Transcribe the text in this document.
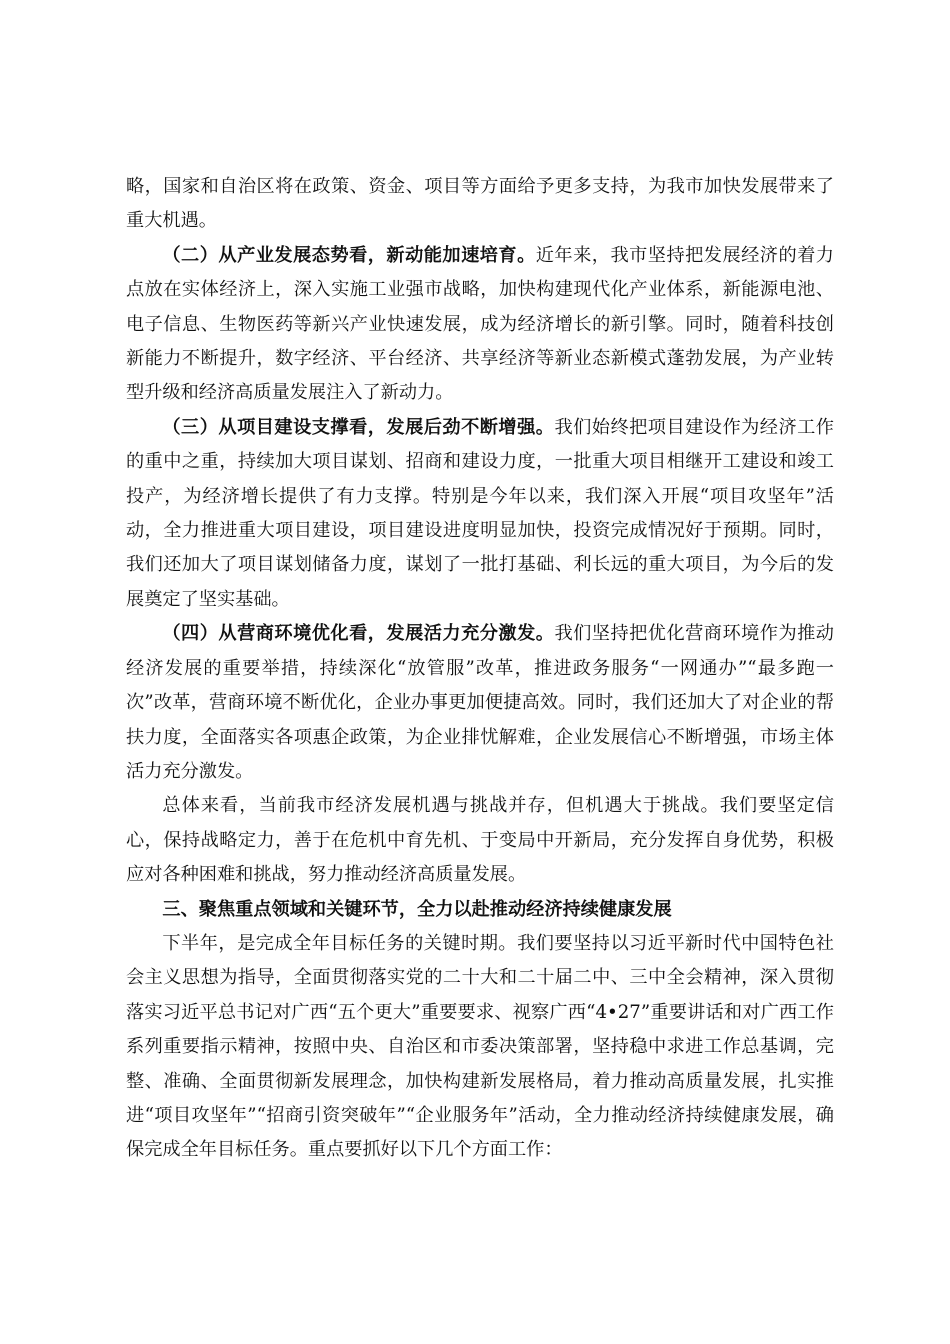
略，国家和自治区将在政策、资金、项目等方面给予更多支持，为我市加快发展带来了重大机遇。

（二）从产业发展态势看，新动能加速培育。近年来，我市坚持把发展经济的着力点放在实体经济上，深入实施工业强市战略，加快构建现代化产业体系，新能源电池、电子信息、生物医药等新兴产业快速发展，成为经济增长的新引擎。同时，随着科技创新能力不断提升，数字经济、平台经济、共享经济等新业态新模式蓬勃发展，为产业转型升级和经济高质量发展注入了新动力。

（三）从项目建设支撑看，发展后劲不断增强。我们始终把项目建设作为经济工作的重中之重，持续加大项目谋划、招商和建设力度，一批重大项目相继开工建设和竣工投产，为经济增长提供了有力支撑。特别是今年以来，我们深入开展“项目攻坚年”活动，全力推进重大项目建设，项目建设进度明显加快，投资完成情况好于预期。同时，我们还加大了项目谋划储备力度，谋划了一批打基础、利长远的重大项目，为今后的发展奠定了坚实基础。

（四）从营商环境优化看，发展活力充分激发。我们坚持把优化营商环境作为推动经济发展的重要举措，持续深化“放管服”改革，推进政务服务“一网通办”“最多跑一次”改革，营商环境不断优化，企业办事更加便捷高效。同时，我们还加大了对企业的帮扶力度，全面落实各项惠企政策，为企业排忧解难，企业发展信心不断增强，市场主体活力充分激发。

总体来看，当前我市经济发展机遇与挑战并存，但机遇大于挑战。我们要坚定信心，保持战略定力，善于在危机中育先机、于变局中开新局，充分发挥自身优势，积极应对各种困难和挑战，努力推动经济高质量发展。

三、聚焦重点领域和关键环节，全力以赴推动经济持续健康发展

下半年，是完成全年目标任务的关键时期。我们要坚持以习近平新时代中国特色社会主义思想为指导，全面贯彻落实党的二十大和二十届二中、三中全会精神，深入贯彻落实习近平总书记对广西“五个更大”重要要求、视察广西“4•27”重要讲话和对广西工作系列重要指示精神，按照中央、自治区和市委决策部署，坚持稳中求进工作总基调，完整、准确、全面贯彻新发展理念，加快构建新发展格局，着力推动高质量发展，扎实推进“项目攻坚年”“招商引资突破年”“企业服务年”活动，全力推动经济持续健康发展，确保完成全年目标任务。重点要抓好以下几个方面工作：
